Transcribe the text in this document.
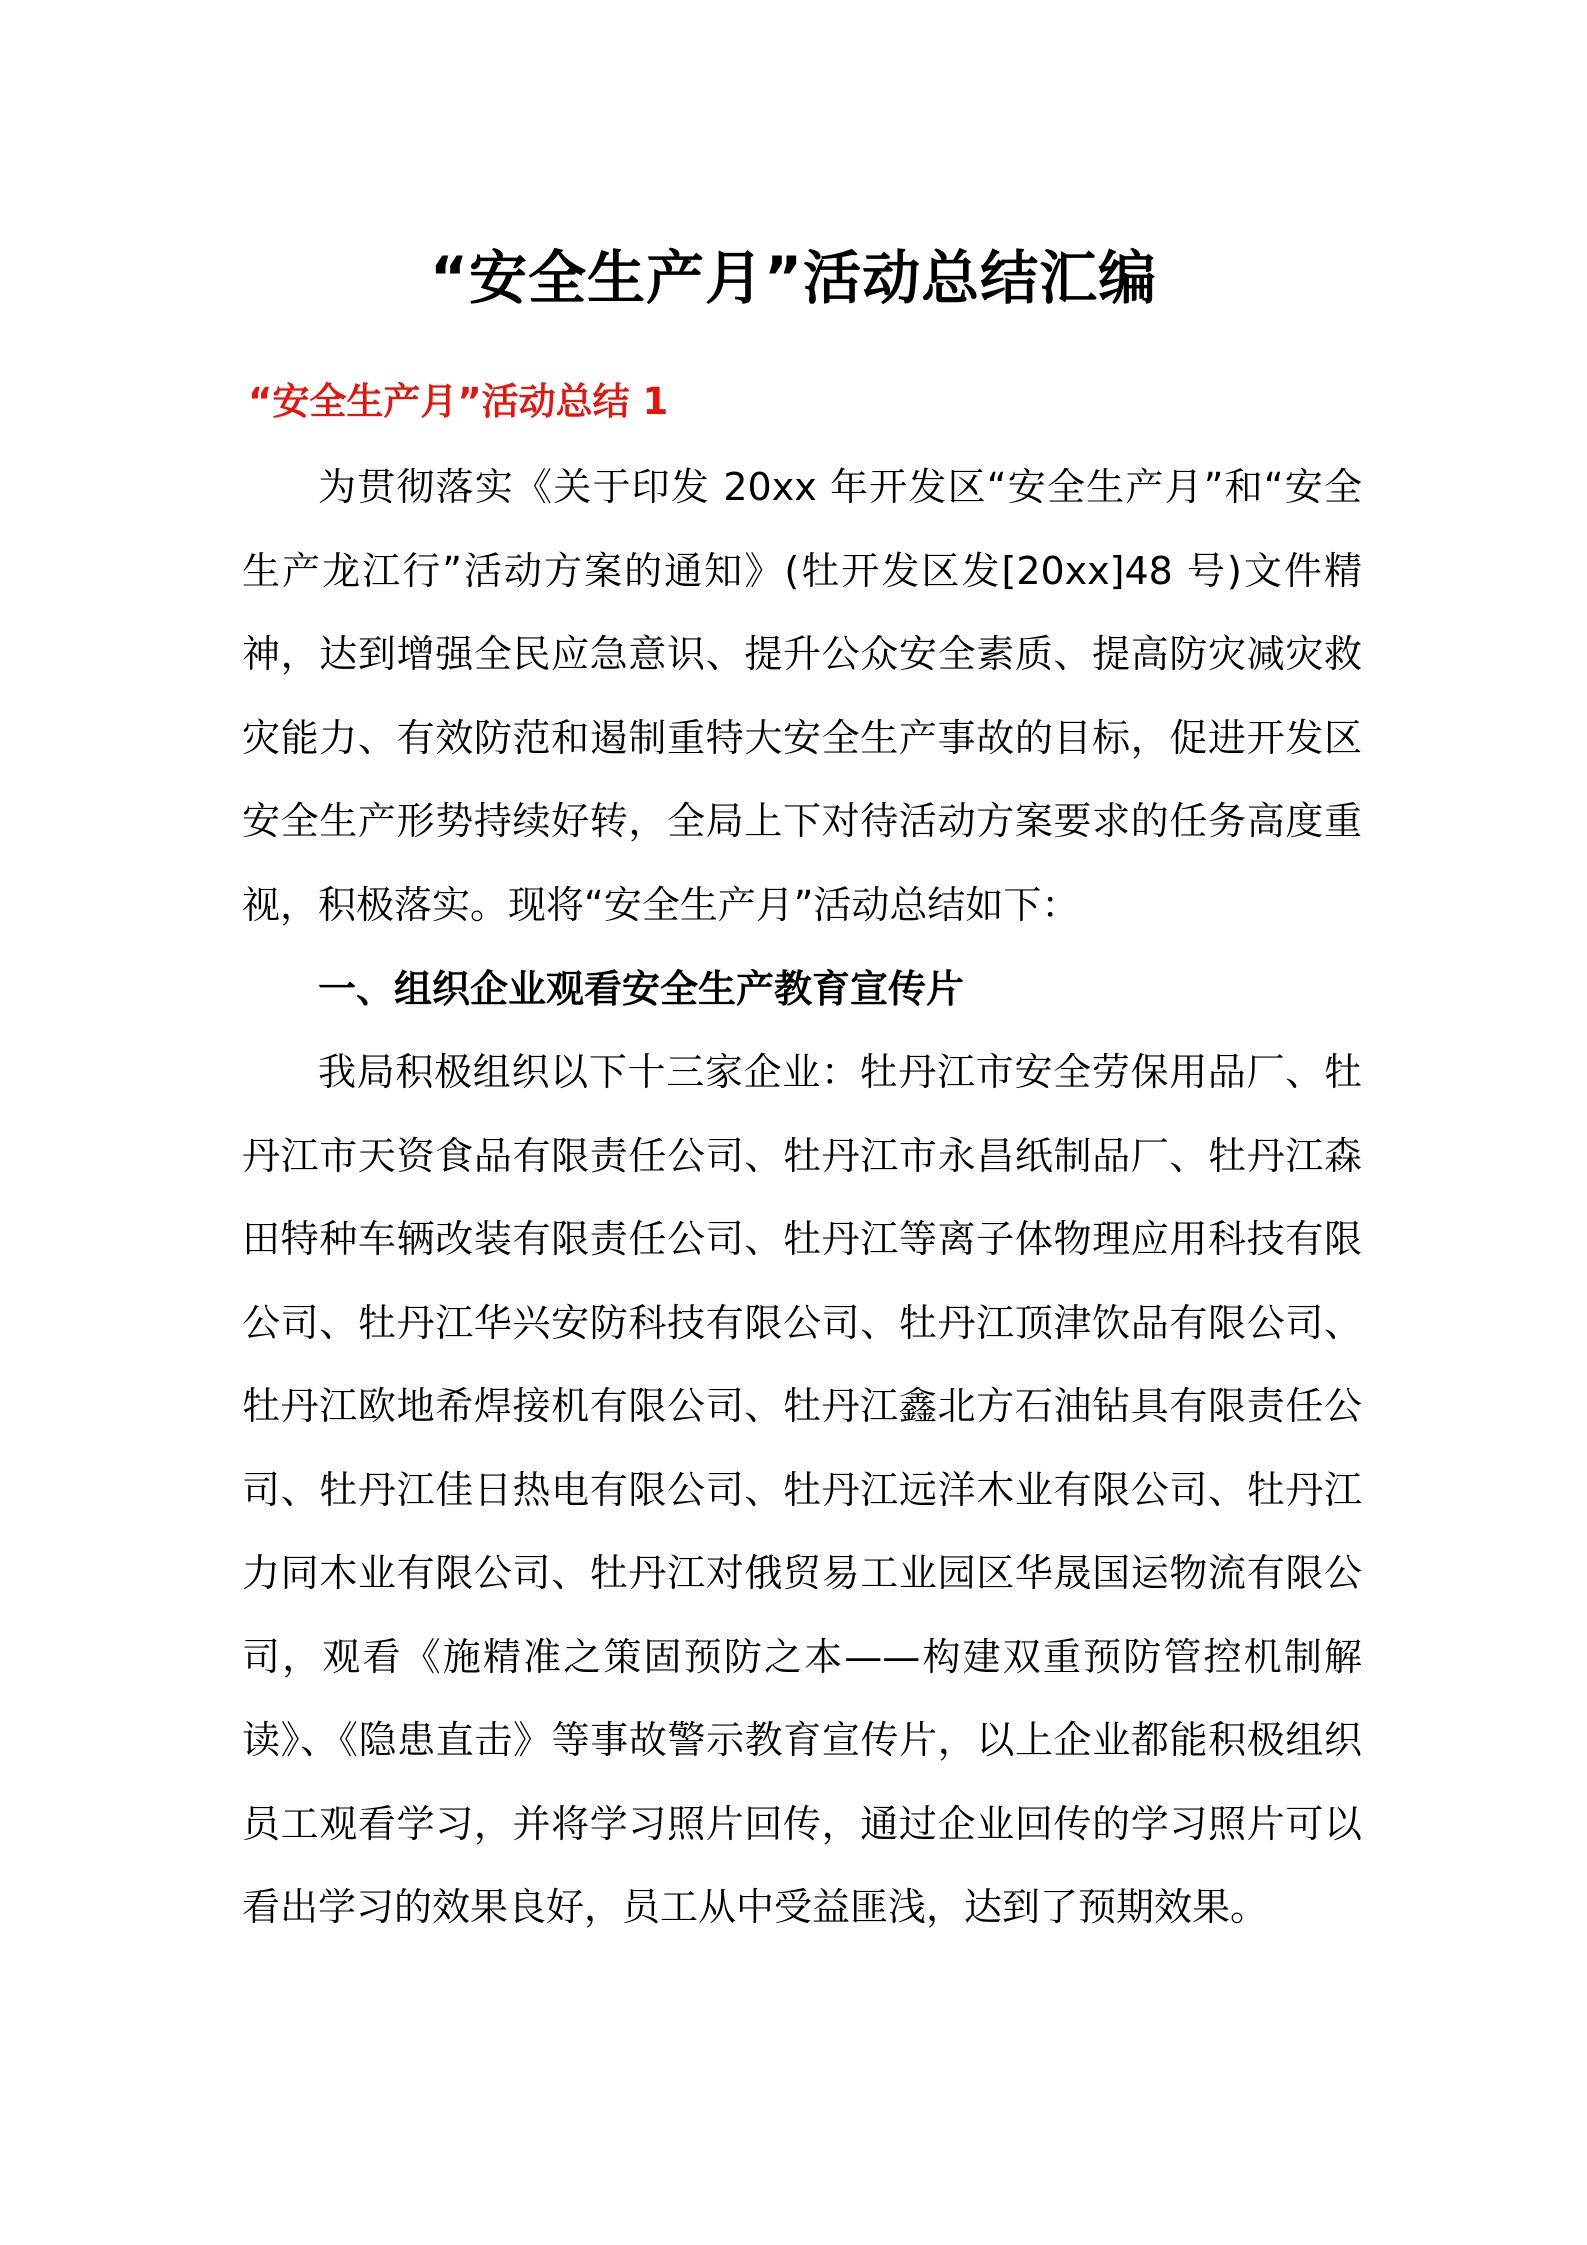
“安全生产月”活动总结汇编
“安全生产月”活动总结 1

为贯彻落实《关于印发 20xx 年开发区“安全生产月”和“安全生产龙江行”活动方案的通知》(牡开发区发[20xx]48 号)文件精神，达到增强全民应急意识、提升公众安全素质、提高防灾减灾救灾能力、有效防范和遏制重特大安全生产事故的目标，促进开发区安全生产形势持续好转，全局上下对待活动方案要求的任务高度重视，积极落实。现将“安全生产月”活动总结如下：

一、组织企业观看安全生产教育宣传片

我局积极组织以下十三家企业：牡丹江市安全劳保用品厂、牡丹江市天资食品有限责任公司、牡丹江市永昌纸制品厂、牡丹江森田特种车辆改装有限责任公司、牡丹江等离子体物理应用科技有限公司、牡丹江华兴安防科技有限公司、牡丹江顶津饮品有限公司、牡丹江欧地希焊接机有限公司、牡丹江鑫北方石油钻具有限责任公司、牡丹江佳日热电有限公司、牡丹江远洋木业有限公司、牡丹江力同木业有限公司、牡丹江对俄贸易工业园区华晟国运物流有限公司，观看《施精准之策固预防之本——构建双重预防管控机制解读》、《隐患直击》等事故警示教育宣传片，以上企业都能积极组织员工观看学习，并将学习照片回传，通过企业回传的学习照片可以看出学习的效果良好，员工从中受益匪浅，达到了预期效果。
